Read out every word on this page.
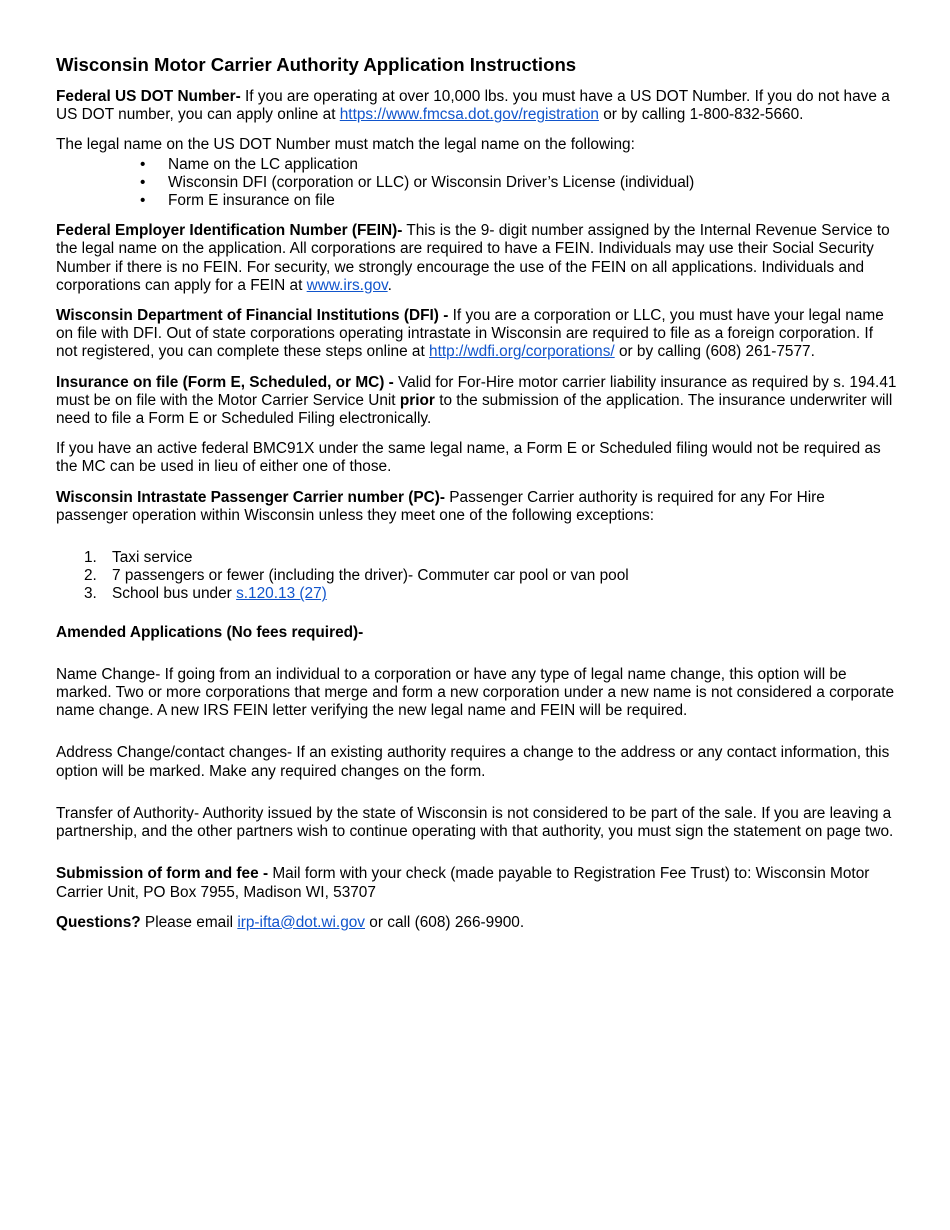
Wisconsin Motor Carrier Authority Application Instructions

Federal US DOT Number- If you are operating at over 10,000 lbs. you must have a US DOT Number. If you do not have a US DOT number, you can apply online at https://www.fmcsa.dot.gov/registration or by calling 1-800-832-5660.

The legal name on the US DOT Number must match the legal name on the following:

• Name on the LC application
• Wisconsin DFI (corporation or LLC) or Wisconsin Driver’s License (individual)
• Form E insurance on file

Federal Employer Identification Number (FEIN)- This is the 9- digit number assigned by the Internal Revenue Service to the legal name on the application. All corporations are required to have a FEIN. Individuals may use their Social Security Number if there is no FEIN. For security, we strongly encourage the use of the FEIN on all applications. Individuals and corporations can apply for a FEIN at www.irs.gov.

Wisconsin Department of Financial Institutions (DFI) - If you are a corporation or LLC, you must have your legal name on file with DFI. Out of state corporations operating intrastate in Wisconsin are required to file as a foreign corporation. If not registered, you can complete these steps online at http://wdfi.org/corporations/ or by calling (608) 261-7577.

Insurance on file (Form E, Scheduled, or MC) - Valid for For-Hire motor carrier liability insurance as required by s. 194.41 must be on file with the Motor Carrier Service Unit prior to the submission of the application. The insurance underwriter will need to file a Form E or Scheduled Filing electronically.

If you have an active federal BMC91X under the same legal name, a Form E or Scheduled filing would not be required as the MC can be used in lieu of either one of those.

Wisconsin Intrastate Passenger Carrier number (PC)- Passenger Carrier authority is required for any For Hire passenger operation within Wisconsin unless they meet one of the following exceptions:

1. Taxi service
2. 7 passengers or fewer (including the driver)- Commuter car pool or van pool
3. School bus under s.120.13 (27)

Amended Applications (No fees required)-

Name Change- If going from an individual to a corporation or have any type of legal name change, this option will be marked. Two or more corporations that merge and form a new corporation under a new name is not considered a corporate name change. A new IRS FEIN letter verifying the new legal name and FEIN will be required.

Address Change/contact changes- If an existing authority requires a change to the address or any contact information, this option will be marked. Make any required changes on the form.

Transfer of Authority- Authority issued by the state of Wisconsin is not considered to be part of the sale. If you are leaving a partnership, and the other partners wish to continue operating with that authority, you must sign the statement on page two.

Submission of form and fee - Mail form with your check (made payable to Registration Fee Trust) to: Wisconsin Motor Carrier Unit, PO Box 7955, Madison WI, 53707

Questions? Please email irp-ifta@dot.wi.gov or call (608) 266-9900.
